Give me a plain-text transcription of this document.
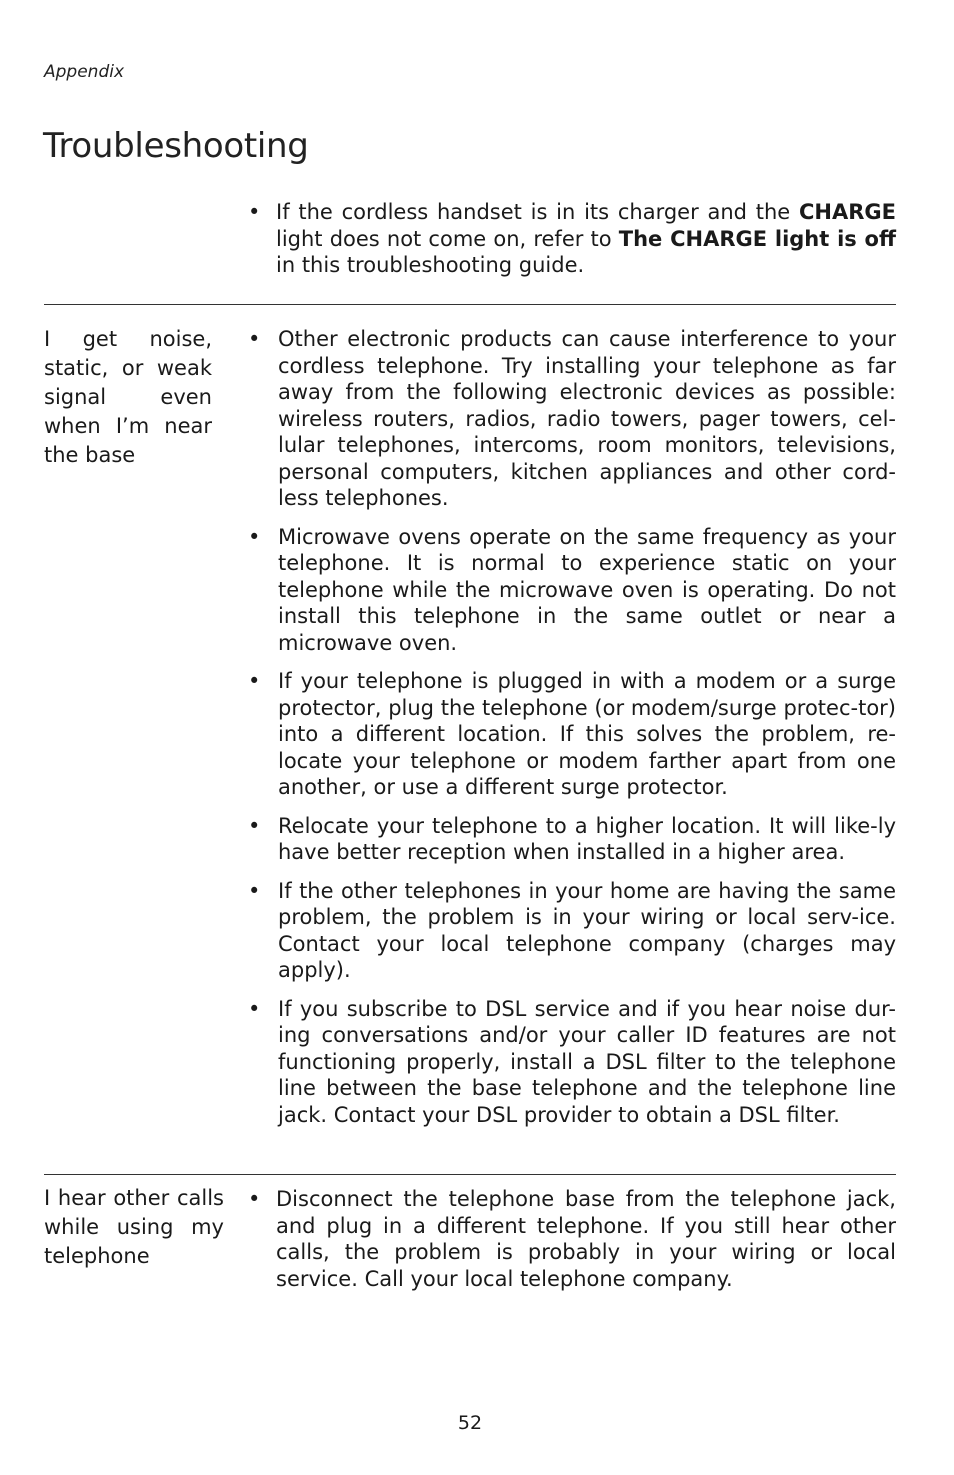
Appendix
Troubleshooting
• If the cordless handset is in its charger and the CHARGE light does not come on, refer to The CHARGE light is off in this troubleshooting guide.
I get noise, static, or weak signal even when I’m near the base
• Other electronic products can cause interference to your cordless telephone. Try installing your telephone as far away from the following electronic devices as possible: wireless routers, radios, radio towers, pager towers, cel-lular telephones, intercoms, room monitors, televisions, personal computers, kitchen appliances and other cord-less telephones.
• Microwave ovens operate on the same frequency as your telephone. It is normal to experience static on your telephone while the microwave oven is operating. Do not install this telephone in the same outlet or near a microwave oven.
• If your telephone is plugged in with a modem or a surge protector, plug the telephone (or modem/surge protec-tor) into a different location. If this solves the problem, re-locate your telephone or modem farther apart from one another, or use a different surge protector.
• Relocate your telephone to a higher location. It will like-ly have better reception when installed in a higher area.
• If the other telephones in your home are having the same problem, the problem is in your wiring or local serv-ice. Contact your local telephone company (charges may apply).
• If you subscribe to DSL service and if you hear noise dur-ing conversations and/or your caller ID features are not functioning properly, install a DSL filter to the telephone line between the base telephone and the telephone line jack. Contact your DSL provider to obtain a DSL filter.
I hear other calls while using my telephone
• Disconnect the telephone base from the telephone jack, and plug in a different telephone. If you still hear other calls, the problem is probably in your wiring or local service. Call your local telephone company.
52
